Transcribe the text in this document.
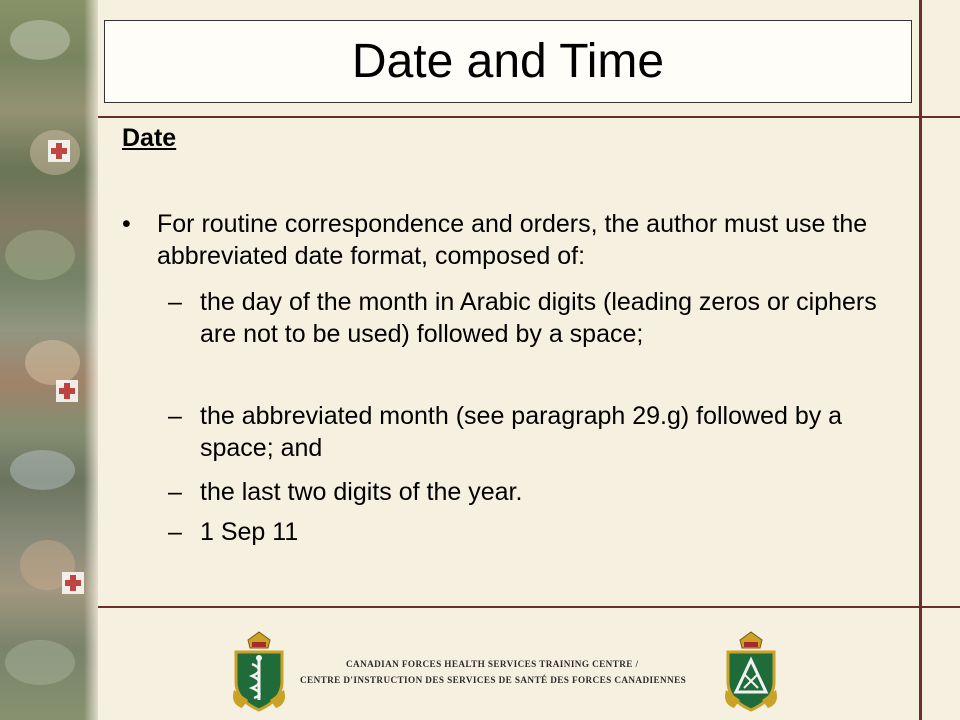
Date and Time
Date
•	For routine correspondence and orders, the author must use the abbreviated date format, composed of:
– the day of the month in Arabic digits (leading zeros or ciphers are not to be used) followed by a space;
– the abbreviated month (see paragraph 29.g) followed by a space; and
– the last two digits of the year.
– 1 Sep 11
CANADIAN FORCES HEALTH SERVICES TRAINING CENTRE /
CENTRE D'INSTRUCTION DES SERVICES DE SANTÉ DES FORCES CANADIENNES
